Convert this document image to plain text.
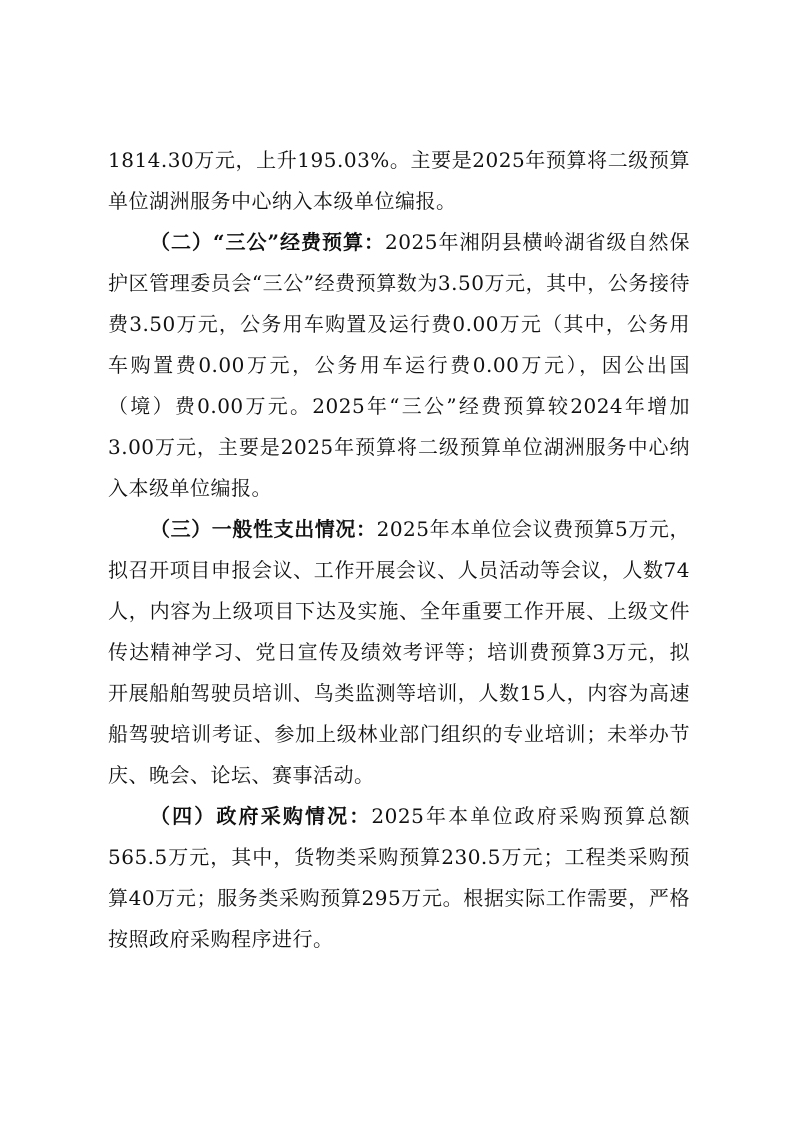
1814.30万元，上升195.03%。主要是2025年预算将二级预算单位湖洲服务中心纳入本级单位编报。

（二）“三公”经费预算：2025年湘阴县横岭湖省级自然保护区管理委员会“三公”经费预算数为3.50万元，其中，公务接待费3.50万元，公务用车购置及运行费0.00万元（其中，公务用车购置费0.00万元，公务用车运行费0.00万元），因公出国（境）费0.00万元。2025年“三公”经费预算较2024年增加3.00万元，主要是2025年预算将二级预算单位湖洲服务中心纳入本级单位编报。

（三）一般性支出情况：2025年本单位会议费预算5万元，拟召开项目申报会议、工作开展会议、人员活动等会议，人数74人，内容为上级项目下达及实施、全年重要工作开展、上级文件传达精神学习、党日宣传及绩效考评等；培训费预算3万元，拟开展船舶驾驶员培训、鸟类监测等培训，人数15人，内容为高速船驾驶培训考证、参加上级林业部门组织的专业培训；未举办节庆、晚会、论坛、赛事活动。

（四）政府采购情况：2025年本单位政府采购预算总额565.5万元，其中，货物类采购预算230.5万元；工程类采购预算40万元；服务类采购预算295万元。根据实际工作需要，严格按照政府采购程序进行。
